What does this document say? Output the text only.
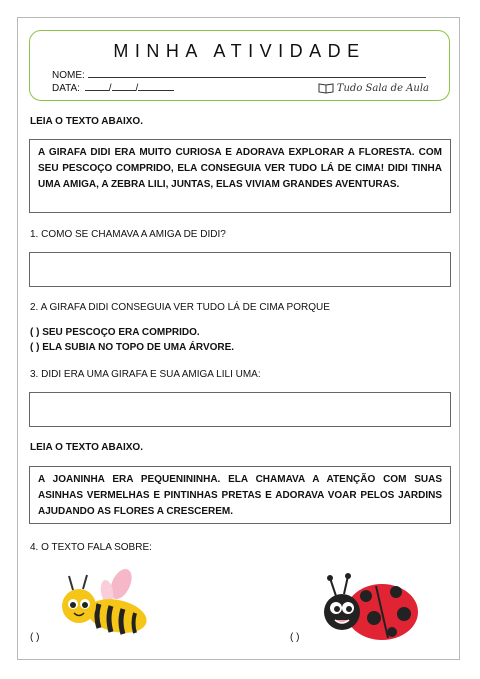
MINHA ATIVIDADE
NOME:
DATA:	/ /	Tudo Sala de Aula
LEIA O TEXTO ABAIXO.
A GIRAFA DIDI ERA MUITO CURIOSA E ADORAVA EXPLORAR A FLORESTA. COM SEU PESCOÇO COMPRIDO, ELA CONSEGUIA VER TUDO LÁ DE CIMA! DIDI TINHA UMA AMIGA, A ZEBRA LILI, JUNTAS, ELAS VIVIAM GRANDES AVENTURAS.
1. COMO SE CHAMAVA A AMIGA DE DIDI?
2. A GIRAFA DIDI CONSEGUIA VER TUDO LÁ DE CIMA PORQUE
( ) SEU PESCOÇO ERA COMPRIDO.
( ) ELA SUBIA NO TOPO DE UMA ÁRVORE.
3. DIDI ERA UMA GIRAFA E SUA AMIGA LILI UMA:
LEIA O TEXTO ABAIXO.
A JOANINHA ERA PEQUENININHA. ELA CHAMAVA A ATENÇÃO COM SUAS ASINHAS VERMELHAS E PINTINHAS PRETAS E ADORAVA VOAR PELOS JARDINS AJUDANDO AS FLORES A CRESCEREM.
4. O TEXTO FALA SOBRE:
( )	( )
